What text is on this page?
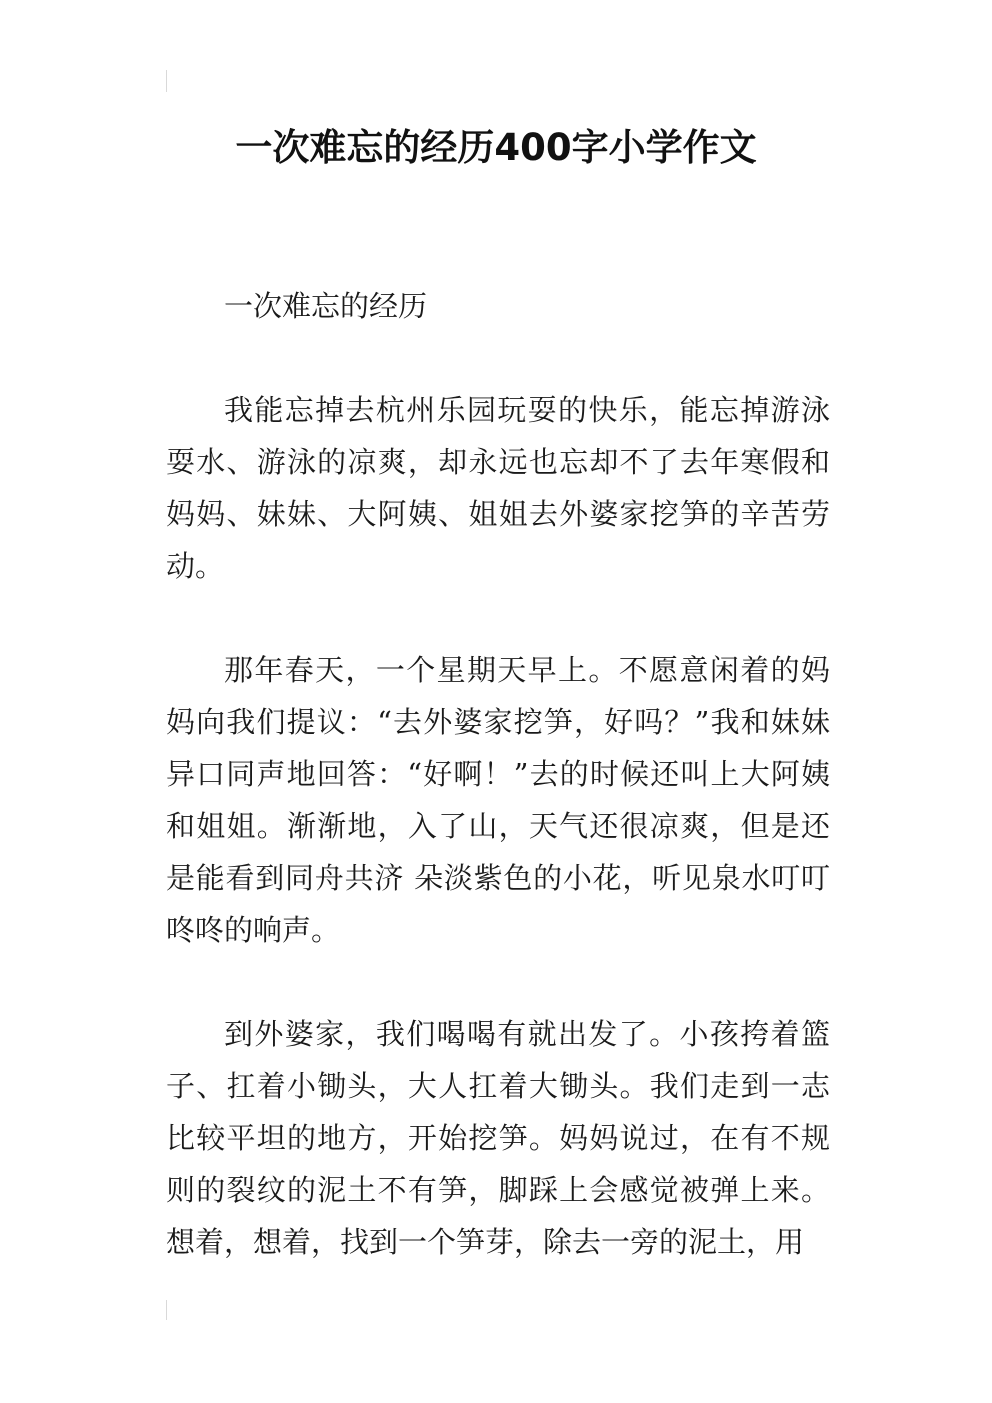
一次难忘的经历400字小学作文

一次难忘的经历

我能忘掉去杭州乐园玩耍的快乐，能忘掉游泳耍水、游泳的凉爽，却永远也忘却不了去年寒假和妈妈、妹妹、大阿姨、姐姐去外婆家挖笋的辛苦劳动。

那年春天，一个星期天早上。不愿意闲着的妈妈向我们提议：“去外婆家挖笋，好吗？”我和妹妹异口同声地回答：“好啊！”去的时候还叫上大阿姨和姐姐。渐渐地，入了山，天气还很凉爽，但是还是能看到同舟共济 朵淡紫色的小花，听见泉水叮叮咚咚的响声。

到外婆家，我们喝喝有就出发了。小孩挎着篮子、扛着小锄头，大人扛着大锄头。我们走到一志比较平坦的地方，开始挖笋。妈妈说过，在有不规则的裂纹的泥土不有笋，脚踩上会感觉被弹上来。想着，想着，找到一个笋芽，除去一旁的泥土，用
